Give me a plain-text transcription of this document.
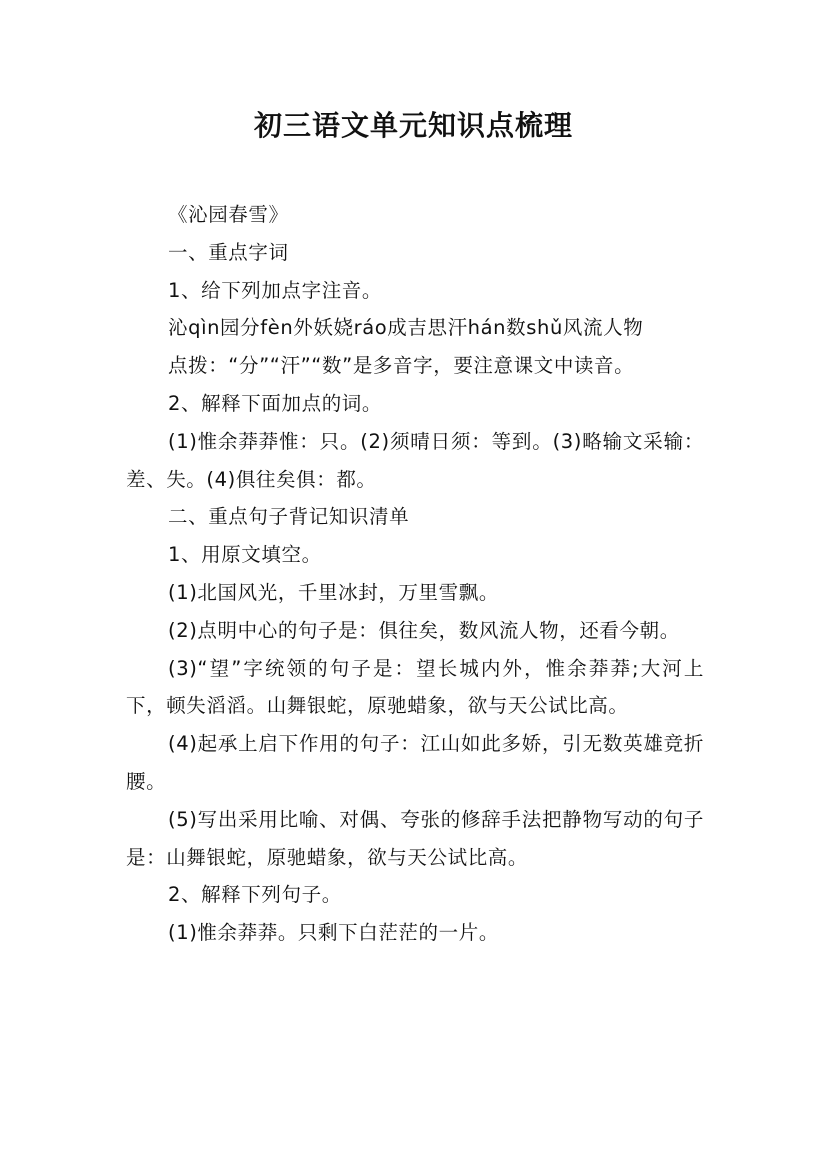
初三语文单元知识点梳理

《沁园春雪》

一、重点字词

1、给下列加点字注音。

沁qìn园分fèn外妖娆ráo成吉思汗hán数shǔ风流人物

点拨：“分”“汗”“数”是多音字，要注意课文中读音。

2、解释下面加点的词。

(1)惟余莽莽惟：只。(2)须晴日须：等到。(3)略输文采输：差、失。(4)俱往矣俱：都。

二、重点句子背记知识清单

1、用原文填空。

(1)北国风光，千里冰封，万里雪飘。

(2)点明中心的句子是：俱往矣，数风流人物，还看今朝。

(3)“望”字统领的句子是：望长城内外，惟余莽莽;大河上下，顿失滔滔。山舞银蛇，原驰蜡象，欲与天公试比高。

(4)起承上启下作用的句子：江山如此多娇，引无数英雄竞折腰。

(5)写出采用比喻、对偶、夸张的修辞手法把静物写动的句子是：山舞银蛇，原驰蜡象，欲与天公试比高。

2、解释下列句子。

(1)惟余莽莽。只剩下白茫茫的一片。
